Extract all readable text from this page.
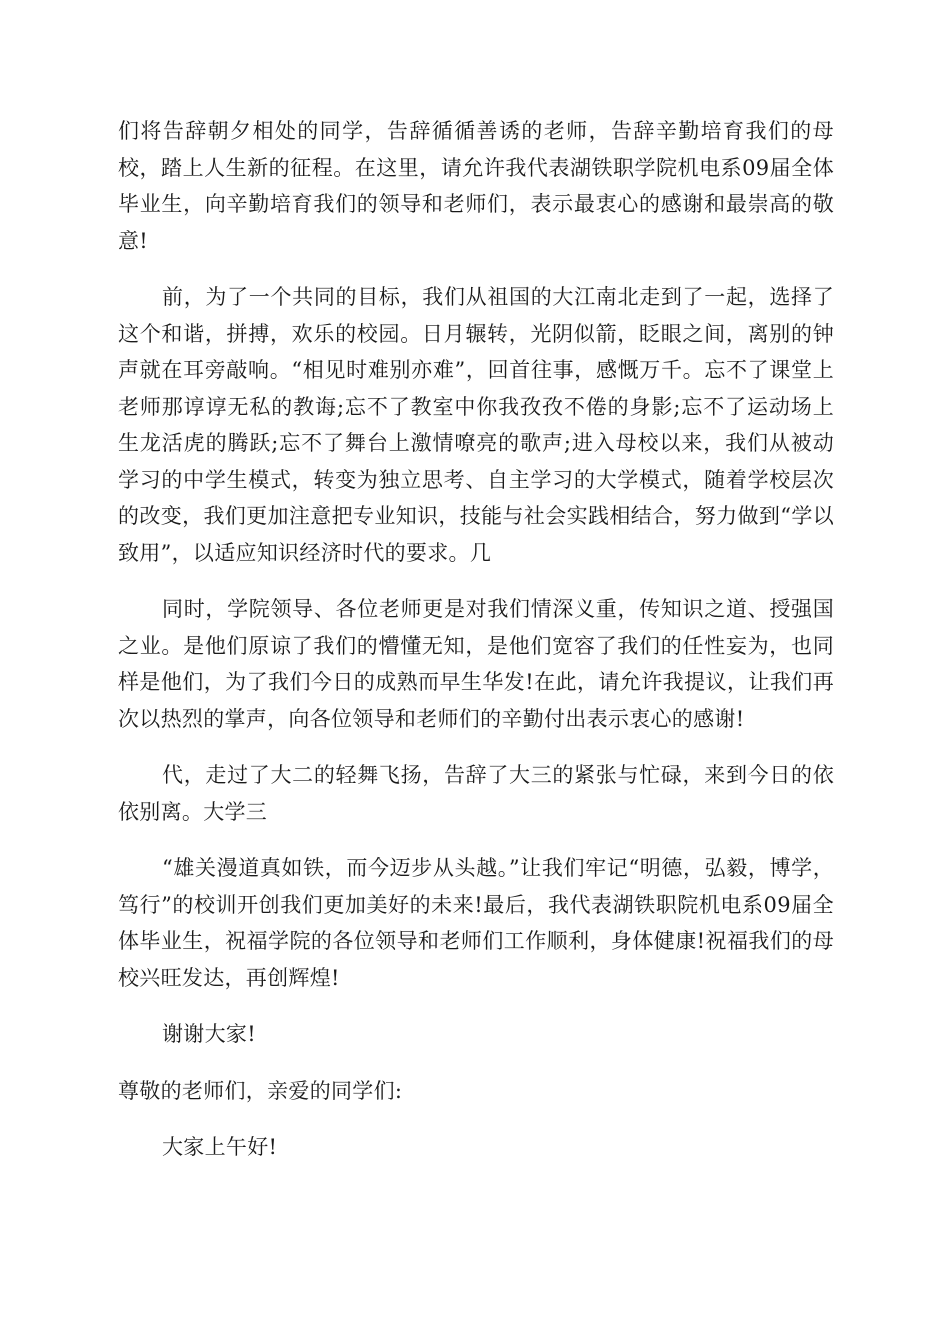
们将告辞朝夕相处的同学，告辞循循善诱的老师，告辞辛勤培育我们的母校，踏上人生新的征程。在这里，请允许我代表湖铁职学院机电系09届全体毕业生，向辛勤培育我们的领导和老师们，表示最衷心的感谢和最崇高的敬意!

前，为了一个共同的目标，我们从祖国的大江南北走到了一起，选择了这个和谐，拼搏，欢乐的校园。日月辗转，光阴似箭，眨眼之间，离别的钟声就在耳旁敲响。“相见时难别亦难”，回首往事，感慨万千。忘不了课堂上老师那谆谆无私的教诲;忘不了教室中你我孜孜不倦的身影;忘不了运动场上生龙活虎的腾跃;忘不了舞台上激情嘹亮的歌声;进入母校以来，我们从被动学习的中学生模式，转变为独立思考、自主学习的大学模式，随着学校层次的改变，我们更加注意把专业知识，技能与社会实践相结合，努力做到“学以致用”，以适应知识经济时代的要求。几

同时，学院领导、各位老师更是对我们情深义重，传知识之道、授强国之业。是他们原谅了我们的懵懂无知，是他们宽容了我们的任性妄为，也同样是他们，为了我们今日的成熟而早生华发!在此，请允许我提议，让我们再次以热烈的掌声，向各位领导和老师们的辛勤付出表示衷心的感谢!

代，走过了大二的轻舞飞扬，告辞了大三的紧张与忙碌，来到今日的依依别离。大学三

“雄关漫道真如铁，而今迈步从头越。”让我们牢记“明德，弘毅，博学，笃行”的校训开创我们更加美好的未来!最后，我代表湖铁职院机电系09届全体毕业生，祝福学院的各位领导和老师们工作顺利，身体健康!祝福我们的母校兴旺发达，再创辉煌!

谢谢大家!

尊敬的老师们，亲爱的同学们:

大家上午好!
